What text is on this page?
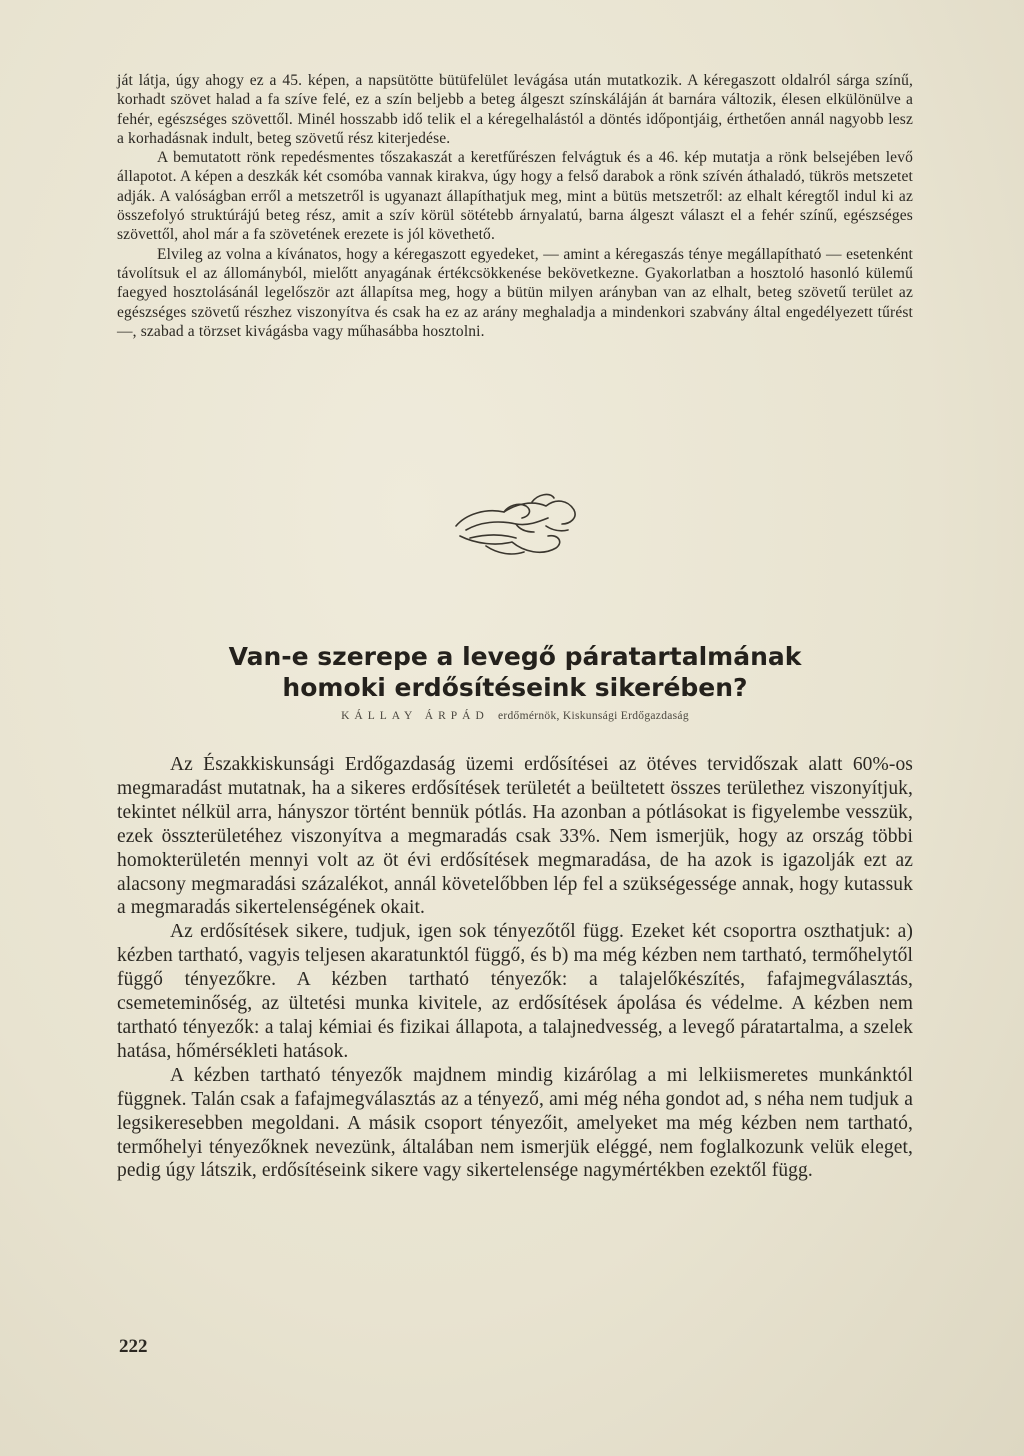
ját látja, úgy ahogy ez a 45. képen, a napsütötte bütüfelület levágása után mutatkozik. A kéregaszott oldalról sárga színű, korhadt szövet halad a fa szíve felé, ez a szín beljebb a beteg álgeszt színskáláján át barnára változik, élesen elkülönülve a fehér, egészséges szövettől. Minél hosszabb idő telik el a kéregelhalástól a döntés időpontjáig, érthetően annál nagyobb lesz a korhadásnak indult, beteg szövetű rész kiterjedése.

A bemutatott rönk repedésmentes tőszakaszát a keretfűrészen felvágtuk és a 46. kép mutatja a rönk belsejében levő állapotot. A képen a deszkák két csomóba vannak kirakva, úgy hogy a felső darabok a rönk szívén áthaladó, tükrös metszetet adják. A valóságban erről a metszetről is ugyanazt állapíthatjuk meg, mint a bütüs metszetről: az elhalt kéregtől indul ki az összefolyó struktúrájú beteg rész, amit a szív körül sötétebb árnyalatú, barna álgeszt választ el a fehér színű, egészséges szövettől, ahol már a fa szövetének erezete is jól követhető.

Elvileg az volna a kívánatos, hogy a kéregaszott egyedeket, — amint a kéregaszás ténye megállapítható — esetenként távolítsuk el az állományból, mielőtt anyagának értékcsökkenése bekövetkezne. Gyakorlatban a hosztoló hasonló külemű faegyed hosztolásánál legelőször azt állapítsa meg, hogy a bütün milyen arányban van az elhalt, beteg szövetű terület az egészséges szövetű részhez viszonyítva és csak ha ez az arány meghaladja a mindenkori szabvány által engedélyezett tűrést —, szabad a törzset kivágásba vagy műhasábba hosztolni.

Van-e szerepe a levegő páratartalmának
homoki erdősítéseink sikerében?
KÁLLAY ÁRPÁD erdőmérnök, Kiskunsági Erdőgazdaság

Az Északkiskunsági Erdőgazdaság üzemi erdősítései az ötéves tervidőszak alatt 60%-os megmaradást mutatnak, ha a sikeres erdősítések területét a beültetett összes területhez viszonyítjuk, tekintet nélkül arra, hányszor történt bennük pótlás. Ha azonban a pótlásokat is figyelembe vesszük, ezek összterületéhez viszonyítva a megmaradás csak 33%. Nem ismerjük, hogy az ország többi homokterületén mennyi volt az öt évi erdősítések megmaradása, de ha azok is igazolják ezt az alacsony megmaradási százalékot, annál követelőbben lép fel a szükségessége annak, hogy kutassuk a megmaradás sikertelenségének okait.

Az erdősítések sikere, tudjuk, igen sok tényezőtől függ. Ezeket két csoportra oszthatjuk: a) kézben tartható, vagyis teljesen akaratunktól függő, és b) ma még kézben nem tartható, termőhelytől függő tényezőkre. A kézben tartható tényezők: a talajelőkészítés, fafajmegválasztás, csemeteminőség, az ültetési munka kivitele, az erdősítések ápolása és védelme. A kézben nem tartható tényezők: a talaj kémiai és fizikai állapota, a talajnedvesség, a levegő páratartalma, a szelek hatása, hőmérsékleti hatások.

A kézben tartható tényezők majdnem mindig kizárólag a mi lelkiismeretes munkánktól függnek. Talán csak a fafajmegválasztás az a tényező, ami még néha gondot ad, s néha nem tudjuk a legsikeresebben megoldani. A másik csoport tényezőit, amelyeket ma még kézben nem tartható, termőhelyi tényezőknek nevezünk, általában nem ismerjük eléggé, nem foglalkozunk velük eleget, pedig úgy látszik, erdősítéseink sikere vagy sikertelensége nagymértékben ezektől függ.

222
